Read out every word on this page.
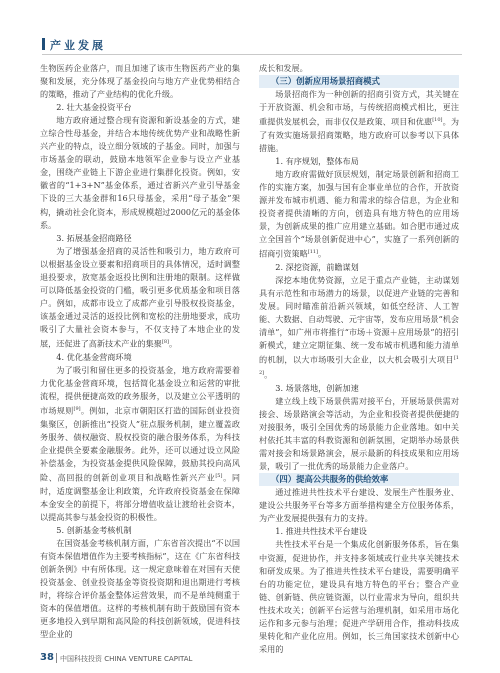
产业发展

生物医药企业落户，而且加速了该市生物医药产业的集聚和发展，充分体现了基金投向与地方产业优势相结合的策略，推动了产业结构的优化升级。

2. 壮大基金投资平台

地方政府通过整合现有资源和新设基金的方式，建立综合性母基金，并结合本地传统优势产业和战略性新兴产业的特点，设立细分领域的子基金。同时，加强与市场基金的联动，鼓励本地领军企业参与设立产业基金，围绕产业链上下游企业进行集群化投资。例如，安徽省的“1+3+N”基金体系，通过省新兴产业引导基金下设的三大基金群和16只母基金，采用“母子基金”架构，撬动社会化资本，形成规模超过2000亿元的基金体系。

3. 拓展基金招商路径

为了增强基金招商的灵活性和吸引力，地方政府可以根据基金设立要素和招商项目的具体情况，适时调整退投要求，放宽基金返投比例和注册地的限制。这样做可以降低基金投资的门槛，吸引更多优质基金和项目落户。例如，成都市设立了成都产业引导股权投资基金，该基金通过灵活的返投比例和宽松的注册地要求，成功吸引了大量社会资本参与，不仅支持了本地企业的发展，还促进了高新技术产业的集聚[8]。

4. 优化基金营商环境

为了吸引和留住更多的投资基金，地方政府需要着力优化基金营商环境，包括简化基金设立和运营的审批流程，提供便捷高效的政务服务，以及建立公平透明的市场规则[9]。例如，北京市朝阳区打造的国际创业投资集聚区，创新推出“投资人”驻点服务机制，建立覆盖政务服务、债权融资、股权投资的融合服务体系，为科技企业提供全要素金融服务。此外，还可以通过设立风险补偿基金，为投资基金提供风险保障，鼓励其投向高风险、高回报的创新创业项目和战略性新兴产业[5]。同时，适度调整基金让利政策，允许政府投资基金在保障本金安全的前提下，将部分增值收益让渡给社会资本，以提高其参与基金投资的积极性。

5. 创新基金考核机制

在国资基金考核机制方面，广东省首次提出“不以国有资本保值增值作为主要考核指标”，这在《广东省科技创新条例》中有所体现。这一规定意味着在对国有天使投资基金、创业投资基金等资投资期和退出期进行考核时，将综合评价基金整体运营效果，而不是单纯侧重于资本的保值增值。这样的考核机制有助于鼓励国有资本更多地投入到早期和高风险的科技创新领域，促进科技型企业的

成长和发展。

（三）创新应用场景招商模式

场景招商作为一种创新的招商引资方式，其关键在于开放资源、机会和市场，与传统招商模式相比，更注重提供发展机会，而非仅仅是政策、项目和优惠[10]。为了有效实施场景招商策略，地方政府可以参考以下具体措施。

1. 有序规划，整体布局

地方政府需做好顶层规划，制定场景创新和招商工作的实施方案，加强与国有企事业单位的合作，开放资源并发布城市机遇、能力和需求的综合信息，为企业和投资者提供清晰的方向，创造具有地方特色的应用场景，为创新成果的推广应用建立基础。如合肥市通过成立全国首个“场景创新促进中心”，实施了一系列创新的招商引资策略[11]。

2. 深挖资源，前瞻谋划

深挖本地优势资源，立足于重点产业链，主动谋划具有示范性和市场潜力的场景，以促进产业链的完善和发展。同时瞄准前沿新兴领域，如低空经济、人工智能、大数据、自动驾驶、元宇宙等，发布应用场景“机会清单”，如广州市将推行“市场＋资源＋应用场景”的招引新模式，建立定期征集、统一发布城市机遇和能力清单的机制，以大市场吸引大企业，以大机会吸引大项目[12]。

3. 场景落地，创新加速

建立线上线下场景供需对接平台，开展场景供需对接会、场景路演会等活动，为企业和投资者提供便捷的对接服务，吸引全国优秀的场景能力企业落地。如中关村依托其丰富的科教资源和创新氛围，定期举办场景供需对接会和场景路演会，展示最新的科技成果和应用场景，吸引了一批优秀的场景能力企业落户。

（四）提高公共服务的供给效率

通过推进共性技术平台建设、发展生产性服务业、建设公共服务平台等多方面举措构建全方位服务体系，为产业发展提供强有力的支持。

1. 推进共性技术平台建设

共性技术平台是一个集成化创新服务体系，旨在集中资源，促进协作，并支持多领域或行业共享关键技术和研发成果。为了推进共性技术平台建设，需要明确平台的功能定位，建设具有地方特色的平台；整合产业链、创新链、供应链资源，以行业需求为导向，组织共性技术攻关；创新平台运营与治理机制，如采用市场化运作和多元参与治理；促进产学研用合作，推动科技成果转化和产业化应用。例如，长三角国家技术创新中心采用的

38 中国科技投资 CHINA VENTURE CAPITAL
